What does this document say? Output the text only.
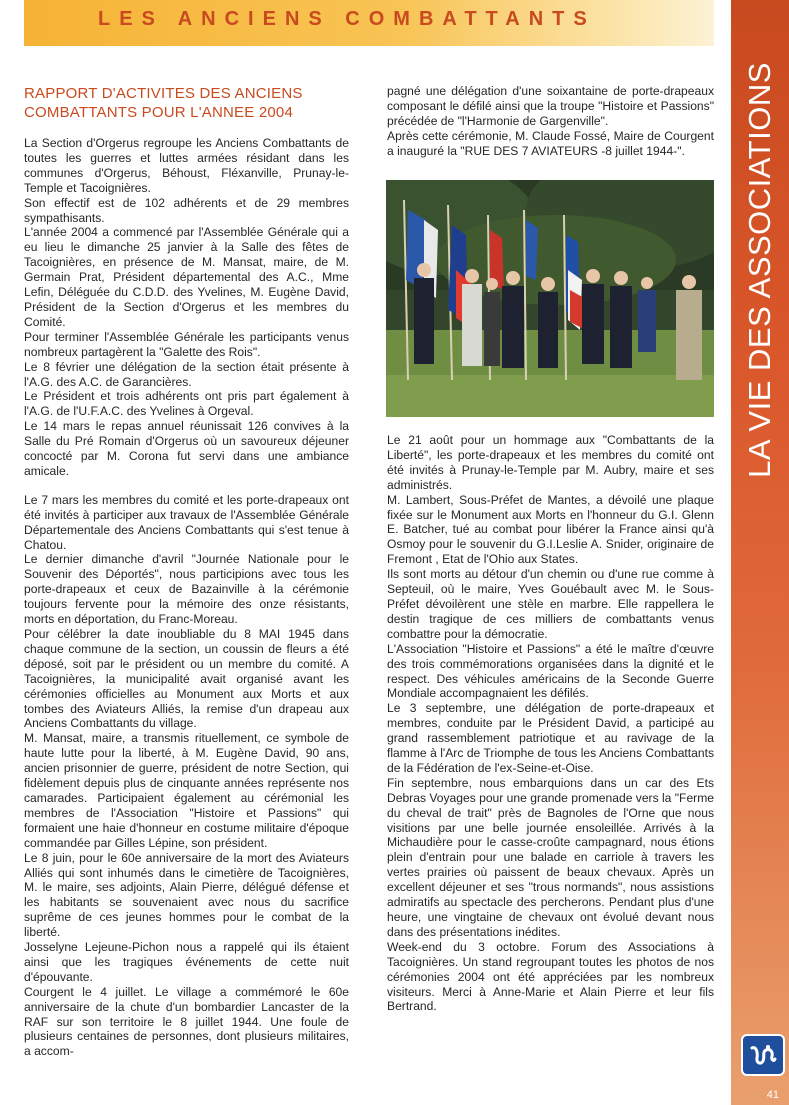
LES ANCIENS COMBATTANTS
LA VIE DES ASSOCIATIONS
41
RAPPORT D'ACTIVITES DES ANCIENS
COMBATTANTS POUR L'ANNEE 2004

La Section d'Orgerus regroupe les Anciens Combattants de toutes les guerres et luttes armées résidant dans les communes d'Orgerus, Béhoust, Fléxanville, Prunay-le-Temple et Tacoignières.

Son effectif est de 102 adhérents et de 29 membres sympathisants.

L'année 2004 a commencé par l'Assemblée Générale qui a eu lieu le dimanche 25 janvier à la Salle des fêtes de Tacoignières, en présence de M. Mansat, maire, de M. Germain Prat, Président départemental des A.C., Mme Lefin, Déléguée du C.D.D. des Yvelines, M. Eugène David, Président de la Section d'Orgerus et les membres du Comité.

Pour terminer l'Assemblée Générale les participants venus nombreux partagèrent la "Galette des Rois".

Le 8 février une délégation de la section était présente à l'A.G. des A.C. de Garancières.

Le Président et trois adhérents ont pris part également à l'A.G. de l'U.F.A.C. des Yvelines à Orgeval.

Le 14 mars le repas annuel réunissait 126 convives à la Salle du Pré Romain d'Orgerus où un savoureux déjeuner concocté par M. Corona fut servi dans une ambiance amicale.

Le 7 mars les membres du comité et les porte-drapeaux ont été invités à participer aux travaux de l'Assemblée Générale Départementale des Anciens Combattants qui s'est tenue à Chatou.

Le dernier dimanche d'avril "Journée Nationale pour le Souvenir des Déportés", nous participions avec tous les porte-drapeaux et ceux de Bazainville à la cérémonie toujours fervente pour la mémoire des onze résistants, morts en déportation, du Franc-Moreau.

Pour célébrer la date inoubliable du 8 MAI 1945 dans chaque commune de la section, un coussin de fleurs a été déposé, soit par le président ou un membre du comité. A Tacoignières, la municipalité avait organisé avant les cérémonies officielles au Monument aux Morts et aux tombes des Aviateurs Alliés, la remise d'un drapeau aux Anciens Combattants du village.

M. Mansat, maire, a transmis rituellement, ce symbole de haute lutte pour la liberté, à M. Eugène David, 90 ans, ancien prisonnier de guerre, président de notre Section, qui fidèlement depuis plus de cinquante années représente nos camarades. Participaient également au cérémonial les membres de l'Association "Histoire et Passions" qui formaient une haie d'honneur en costume militaire d'époque commandée par Gilles Lépine, son président.

Le 8 juin, pour le 60e anniversaire de la mort des Aviateurs Alliés qui sont inhumés dans le cimetière de Tacoignières, M. le maire, ses adjoints, Alain Pierre, délégué défense et les habitants se souvenaient avec nous du sacrifice suprême de ces jeunes hommes pour le combat de la liberté.

Josselyne Lejeune-Pichon nous a rappelé qui ils étaient ainsi que les tragiques événements de cette nuit d'épouvante.

Courgent le 4 juillet. Le village a commémoré le 60e anniversaire de la chute d'un bombardier Lancaster de la RAF sur son territoire le 8 juillet 1944. Une foule de plusieurs centaines de personnes, dont plusieurs militaires, a accom-

pagné une délégation d'une soixantaine de porte-drapeaux composant le défilé ainsi que la troupe "Histoire et Passions" précédée de "l'Harmonie de Gargenville".

Après cette cérémonie, M. Claude Fossé, Maire de Courgent a inauguré la "RUE DES 7 AVIATEURS -8 juillet 1944-".

Le 21 août pour un hommage aux "Combattants de la Liberté", les porte-drapeaux et les membres du comité ont été invités à Prunay-le-Temple par M. Aubry, maire et ses administrés.

M. Lambert, Sous-Préfet de Mantes, a dévoilé une plaque fixée sur le Monument aux Morts en l'honneur du G.I. Glenn E. Batcher, tué au combat pour libérer la France ainsi qu'à Osmoy pour le souvenir du G.I.Leslie A. Snider, originaire de Fremont , Etat de l'Ohio aux States.

Ils sont morts au détour d'un chemin ou d'une rue comme à Septeuil, où le maire, Yves Gouébault avec M. le Sous-Préfet dévoilèrent une stèle en marbre. Elle rappellera le destin tragique de ces milliers de combattants venus combattre pour la démocratie.

L'Association "Histoire et Passions" a été le maître d'œuvre des trois commémorations organisées dans la dignité et le respect. Des véhicules américains de la Seconde Guerre Mondiale accompagnaient les défilés.

Le 3 septembre, une délégation de porte-drapeaux et membres, conduite par le Président David, a participé au grand rassemblement patriotique et au ravivage de la flamme à l'Arc de Triomphe de tous les Anciens Combattants de la Fédération de l'ex-Seine-et-Oise.

Fin septembre, nous embarquions dans un car des Ets Debras Voyages pour une grande promenade vers la "Ferme du cheval de trait" près de Bagnoles de l'Orne que nous visitions par une belle journée ensoleillée. Arrivés à la Michaudière pour le casse-croûte campagnard, nous étions plein d'entrain pour une balade en carriole à travers les vertes prairies où paissent de beaux chevaux. Après un excellent déjeuner et ses "trous normands", nous assistions admiratifs au spectacle des percherons. Pendant plus d'une heure, une vingtaine de chevaux ont évolué devant nous dans des présentations inédites.

Week-end du 3 octobre. Forum des Associations à Tacoignières. Un stand regroupant toutes les photos de nos cérémonies 2004 ont été appréciées par les nombreux visiteurs. Merci à Anne-Marie et Alain Pierre et leur fils Bertrand.
